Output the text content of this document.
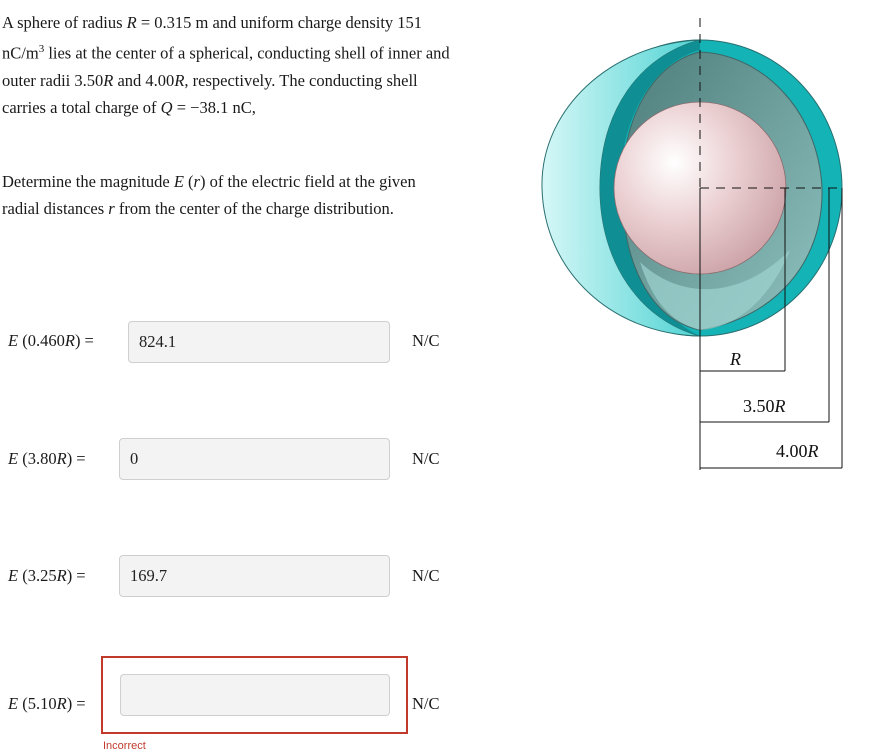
A sphere of radius R = 0.315 m and uniform charge density 151 $nC/m^3$ lies at the center of a spherical, conducting shell of inner and outer radii 3.50R and 4.00R, respectively. The conducting shell carries a total charge of Q = −38.1 nC,
Determine the magnitude E (r) of the electric field at the given radial distances r from the center of the charge distribution.
E (0.460R) =
824.1	N/C
E (3.80R) =
0	N/C
E (3.25R) =
169.7	N/C
E (5.10R) =	N/C
Incorrect
R
3.50R
4.00R
